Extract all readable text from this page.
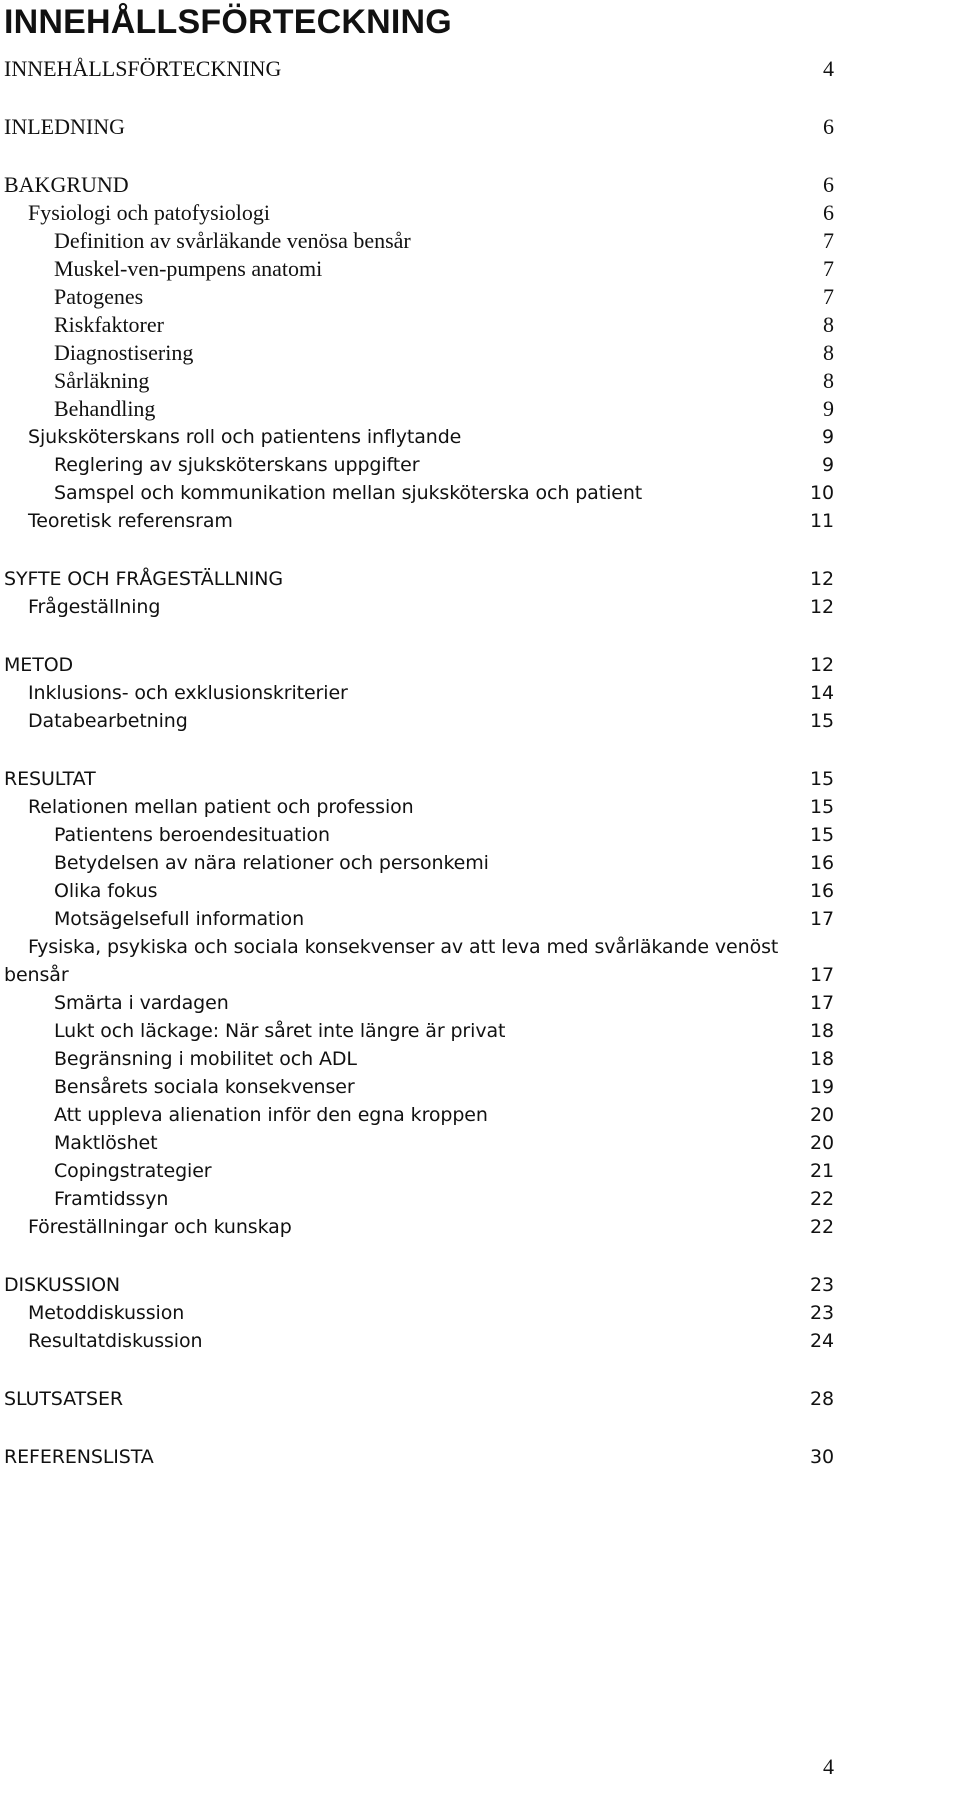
INNEHÅLLSFÖRTECKNING
INNEHÅLLSFÖRTECKNING	4
INLEDNING	6
BAKGRUND	6
Fysiologi och patofysiologi	6
Definition av svårläkande venösa bensår	7
Muskel-ven-pumpens anatomi	7
Patogenes	7
Riskfaktorer	8
Diagnostisering	8
Sårläkning	8
Behandling	9
Sjuksköterskans roll och patientens inflytande	9
Reglering av sjuksköterskans uppgifter	9
Samspel och kommunikation mellan sjuksköterska och patient	10
Teoretisk referensram	11
SYFTE OCH FRÅGESTÄLLNING	12
Frågeställning	12
METOD	12
Inklusions- och exklusionskriterier	14
Databearbetning	15
RESULTAT	15
Relationen mellan patient och profession	15
Patientens beroendesituation	15
Betydelsen av nära relationer och personkemi	16
Olika fokus	16
Motsägelsefull information	17
Fysiska, psykiska och sociala konsekvenser av att leva med svårläkande venöst
bensår	17
Smärta i vardagen	17
Lukt och läckage: När såret inte längre är privat	18
Begränsning i mobilitet och ADL	18
Bensårets sociala konsekvenser	19
Att uppleva alienation inför den egna kroppen	20
Maktlöshet	20
Copingstrategier	21
Framtidssyn	22
Föreställningar och kunskap	22
DISKUSSION	23
Metoddiskussion	23
Resultatdiskussion	24
SLUTSATSER	28
REFERENSLISTA	30
4
